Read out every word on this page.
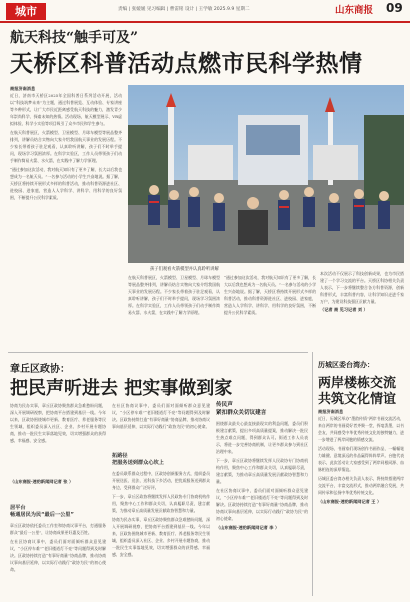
城市	责编 | 张媛媛 见习编辑 | 曹雷铭 设计 | 王学敏 2025.9.9 星期二	山东商报 09
航天科技“触手可及”
天桥区科普活动点燃市民科学热情
商报济南消息
近日，济南市天桥区2025年全国科普日系列活动开展，活动以“科技筑梦未来”为主题，通过科普展览、互动体验、专家讲座等多种形式，让广大市民近距离感受航天科技的魅力，激发青少年崇尚科学、探索未知的热情。活动现场，航天模型展示、VR虚拟体验、科学小实验等项目吸引了众多市民和学生参与。
在航天科普展区，火箭模型、卫星模型、月球车模型等展品整齐排列，讲解员结合实物向大家介绍我国航天事业的发展历程。不少家长带着孩子驻足观看，认真聆听讲解，孩子们不时举手提问，现场学习氛围浓厚。在科学实验区，工作人员带领孩子们动手制作简易火箭、水火箭，在实践中了解力学原理。
“通过参加这次活动，我对航天知识有了更多了解，长大以后我也想成为一名航天员。”一名参与活动的小学生兴奋地说。据了解，天桥区将持续开展形式多样的科普活动，推动科普资源进社区、进校园、进家庭，营造人人学科学、讲科学、用科学的良好氛围，不断提升公民科学素质。
孩子们观看火箭模型并认真聆听讲解
本次活动不仅展示了科技创新成果，也为市民搭建了一个学习交流的平台。天桥区科协相关负责人表示，下一步将继续整合各方科普资源，创新科普形式，丰富科普内容，让科学知识走进千家万户，为建设科技强区贡献力量。
（记者 商 见习记者 刘 ）
在航天科普展区，火箭模型、卫星模型、月球车模型等展品整齐排列，讲解员结合实物向大家介绍我国航天事业的发展历程。不少家长带着孩子驻足观看，认真聆听讲解，孩子们不时举手提问，现场学习氛围浓厚。在科学实验区，工作人员带领孩子们动手制作简易火箭、水火箭，在实践中了解力学原理。
“通过参加这次活动，我对航天知识有了更多了解，长大以后我也想成为一名航天员。”一名参与活动的小学生兴奋地说。据了解，天桥区将持续开展形式多样的科普活动，推动科普资源进社区、进校园、进家庭，营造人人学科学、讲科学、用科学的良好氛围，不断提升公民科学素质。
章丘区政协：
把民声听进去 把实事做到家
协商为民办实事，章丘区政协聚焦群众急难愁盼问题，深入开展调研视察，把协商平台搭建到基层一线。今年以来，区政协围绕城市更新、教育医疗、养老服务等民生领域，组织委员深入社区、企业、乡村开展专题协商，推动一批民生实事落地见效，切实增强群众的获得感、幸福感、安全感。
（山东商报·速豹新闻网记者 张 ）
居平台
畅通居民为民“最后一公里”
章丘区政协依托委员工作室和协商议事平台，打通服务群众“最后一公里”，让协商成果更好惠及百姓。
在社区协商议事中，委员们面对面倾听群众意见建议，“小区停车难”“老旧楼道灯不亮”等问题得到及时解决。区政协持续打造“有事好商量”协商品牌，推动协商议事向基层延伸，以实际行动践行“政协为民”的初心使命。
在社区协商议事中，委员们面对面倾听群众意见建议，“小区停车难”“老旧楼道灯不亮”等问题得到及时解决。区政协持续打造“有事好商量”协商品牌，推动协商议事向基层延伸，以实际行动践行“政协为民”的初心使命。
拓路径
把服务送到群众心坎上
在委员联系群众过程中，区政协创新服务方式，组织委员开展送医、送法、送科技下乡活动，把优质服务送到群众身边，受到群众广泛好评。
下一步，章丘区政协将继续发挥人民政协专门协商机构作用，聚焦中心工作和群众关切，认真履职尽责，建言献策，为推动章丘高质量发展贡献政协智慧和力量。
协商为民办实事，章丘区政协聚焦群众急难愁盼问题，深入开展调研视察，把协商平台搭建到基层一线。今年以来，区政协围绕城市更新、教育医疗、养老服务等民生领域，组织委员深入社区、企业、乡村开展专题协商，推动一批民生实事落地见效，切实增强群众的获得感、幸福感、安全感。
传民声
紧扣群众关切议建言
围绕群众最关心最直接最现实的利益问题，委员们积极建言献策，提出多项高质量提案，推动解决一批民生热点难点问题，得到群众认可。街道工作人员表示，将进一步完善协商机制，让更多群众参与到社区治理中来。
下一步，章丘区政协将继续发挥人民政协专门协商机构作用，聚焦中心工作和群众关切，认真履职尽责，建言献策，为推动章丘高质量发展贡献政协智慧和力量。
在社区协商议事中，委员们面对面倾听群众意见建议，“小区停车难”“老旧楼道灯不亮”等问题得到及时解决。区政协持续打造“有事好商量”协商品牌，推动协商议事向基层延伸，以实际行动践行“政协为民”的初心使命。
（山东商报·速豹新闻网记者 李 ）
历城区委台湾办：
两岸楼栋交流
共筑文化情谊
商报济南消息
近日，历城区举办“墨韵传情”两岸书画交流活动，来自两岸的书画爱好者齐聚一堂，挥毫泼墨，以书会友，共同感受中华优秀传统文化的独特魅力，进一步增进了两岸同胞的情感交流。
活动现场，书画家们现场创作书画作品，一幅幅笔力雄健、意境深远的作品赢得阵阵掌声。台胞代表表示，此次活动让大家感受到了两岸同根同源、血脉相连的深厚情谊。
历城区委台湾办相关负责人表示，将持续搭建两岸交流平台，丰富交流形式，推动两岸融合发展，共同传承和弘扬中华优秀传统文化。
（山东商报·速豹新闻网记者 王 ）
